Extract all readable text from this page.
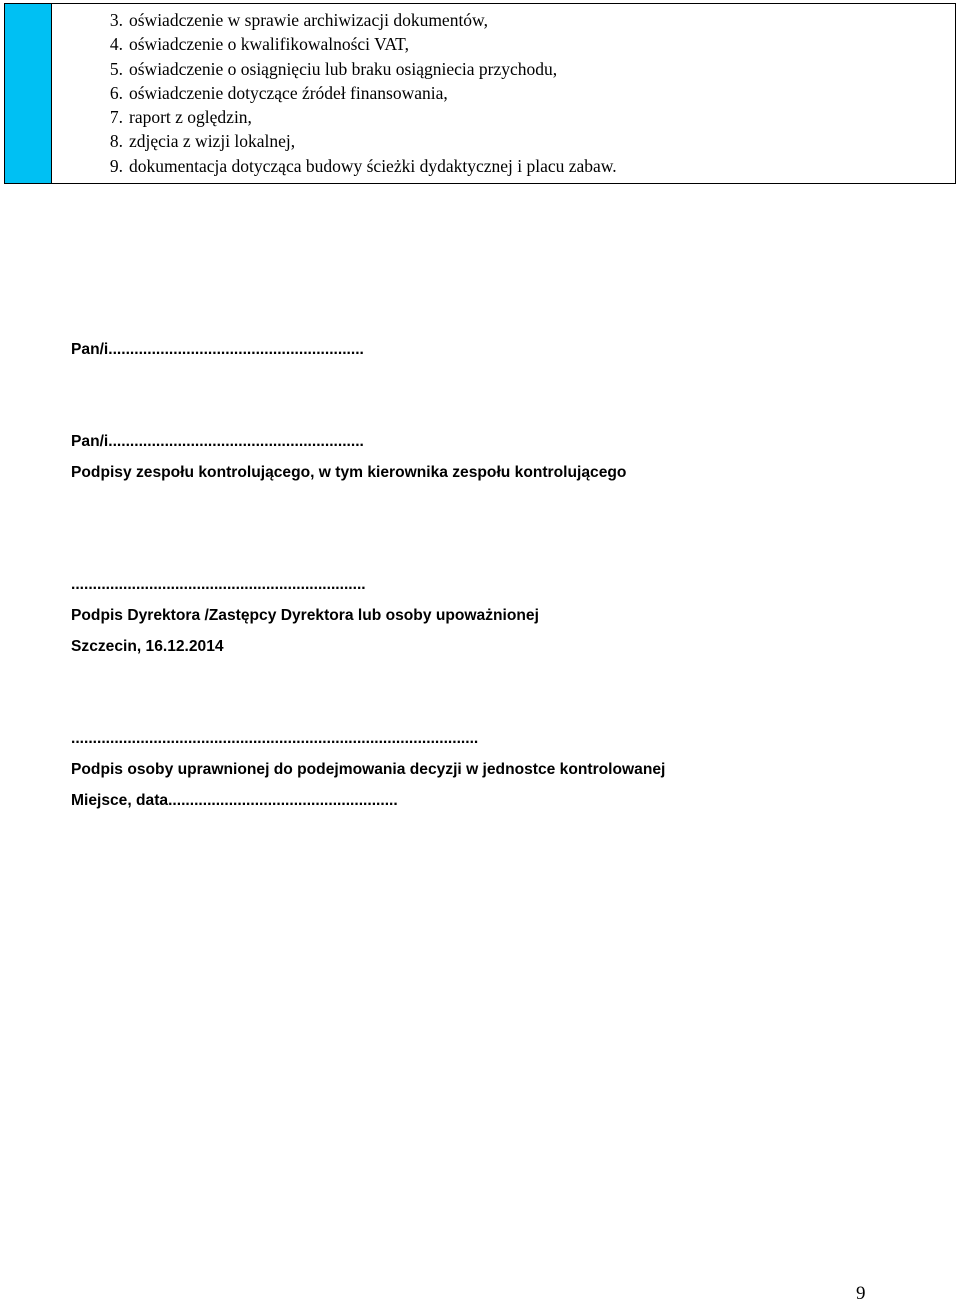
3. oświadczenie w sprawie archiwizacji dokumentów,
4. oświadczenie o kwalifikowalności VAT,
5. oświadczenie o osiągnięciu lub braku osiągniecia przychodu,
6. oświadczenie dotyczące źródeł finansowania,
7. raport z oględzin,
8. zdjęcia z wizji lokalnej,
9. dokumentacja dotycząca budowy ścieżki dydaktycznej i placu zabaw.
Pan/i...........................................................
Pan/i...........................................................
Podpisy zespołu kontrolującego, w tym kierownika zespołu kontrolującego
....................................................................
Podpis Dyrektora /Zastępcy Dyrektora lub osoby upoważnionej
Szczecin, 16.12.2014
..............................................................................................
Podpis osoby uprawnionej do podejmowania decyzji w jednostce kontrolowanej
Miejsce, data.....................................................
9
